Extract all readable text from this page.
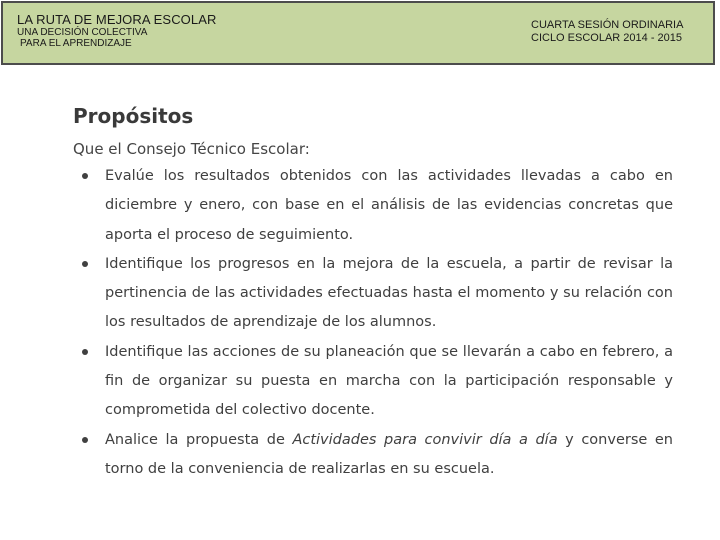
LA RUTA DE MEJORA ESCOLAR
UNA DECISIÓN COLECTIVA
PARA EL APRENDIZAJE
CUARTA SESIÓN ORDINARIA
CICLO ESCOLAR 2014 - 2015
Propósitos
Que el Consejo Técnico Escolar:
Evalúe los resultados obtenidos con las actividades llevadas a cabo en diciembre y enero, con base en el análisis de las evidencias concretas que aporta el proceso de seguimiento.
Identifique los progresos en la mejora de la escuela, a partir de revisar la pertinencia de las actividades efectuadas hasta el momento y su relación con los resultados de aprendizaje de los alumnos.
Identifique las acciones de su planeación que se llevarán a cabo en febrero, a fin de organizar su puesta en marcha con la participación responsable y comprometida del colectivo docente.
Analice la propuesta de Actividades para convivir día a día y converse en torno de la conveniencia de realizarlas en su escuela.
